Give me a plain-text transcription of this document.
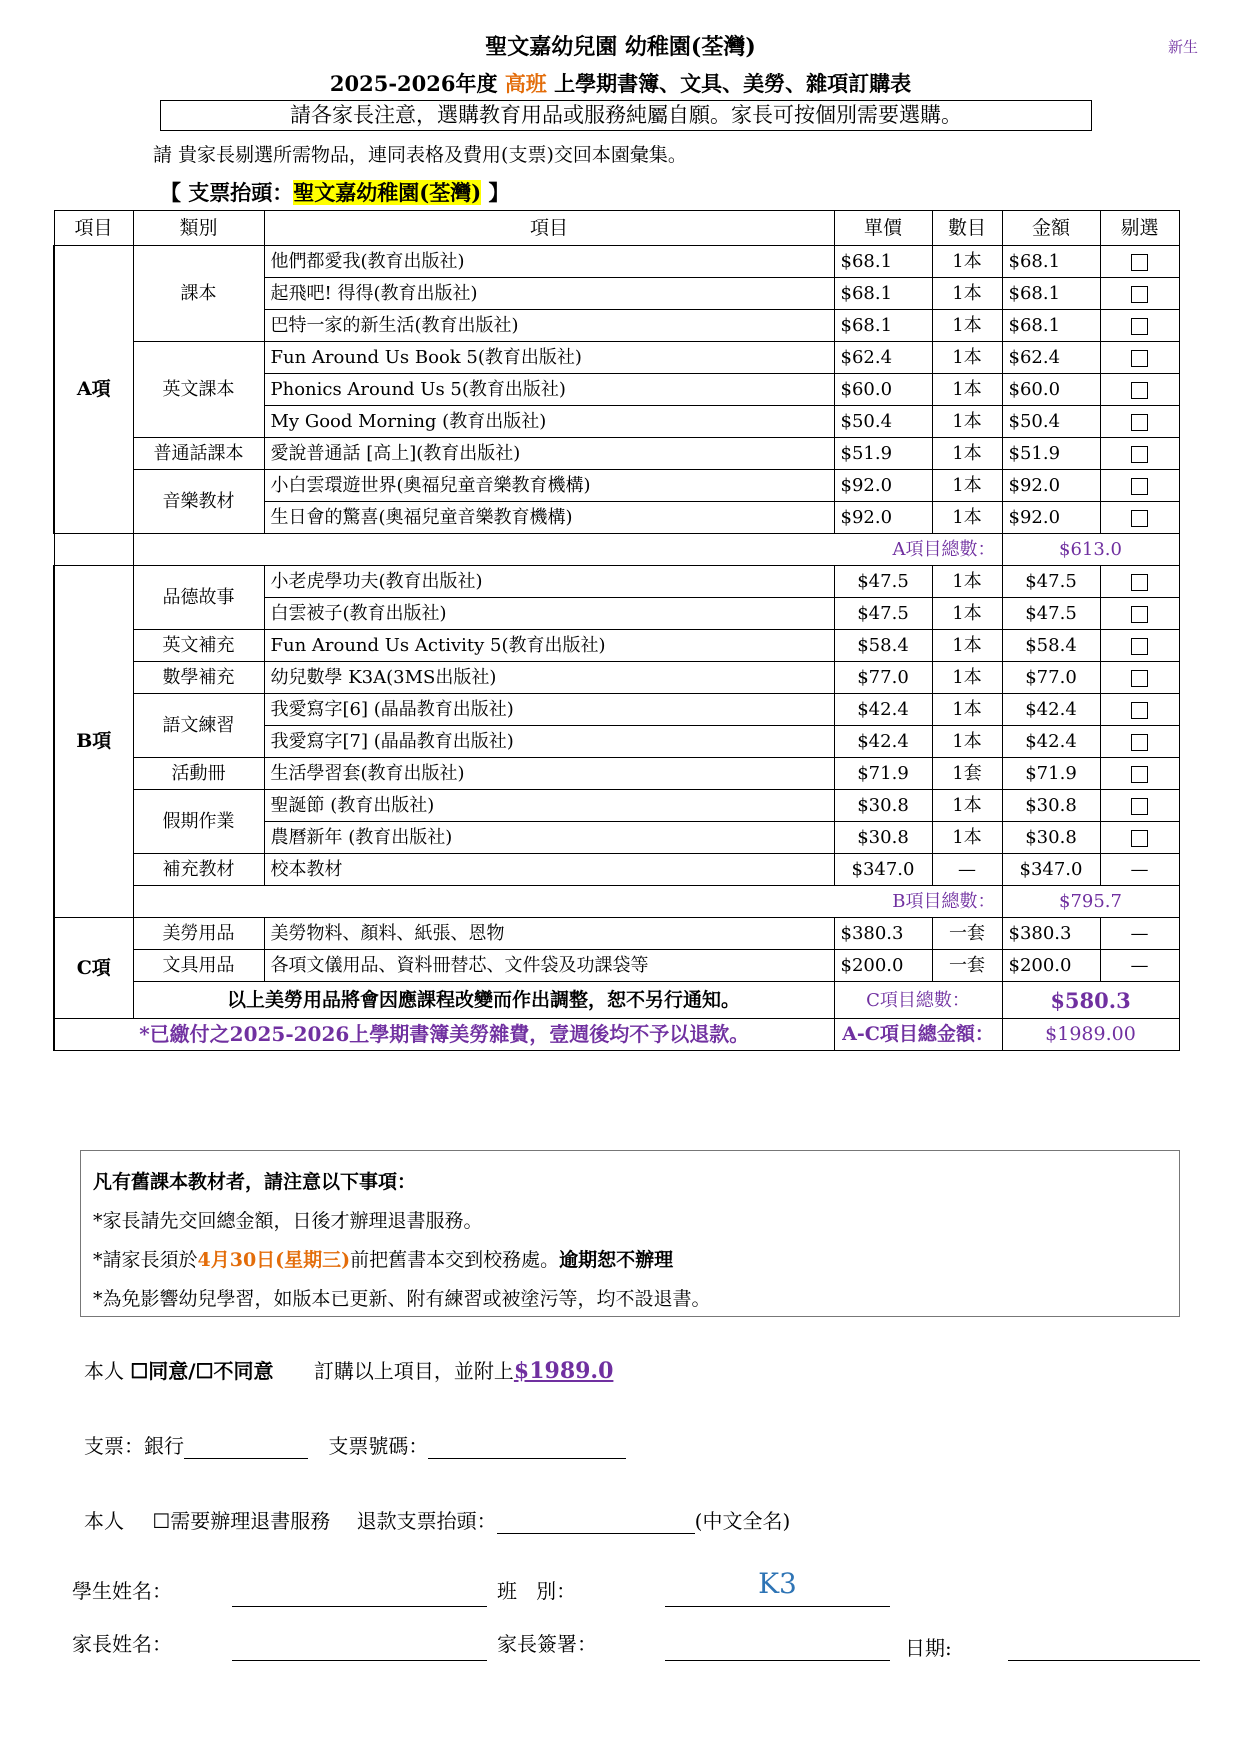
聖文嘉幼兒園 幼稚園(荃灣)	新生
2025-2026年度 高班 上學期書簿、文具、美勞、雜項訂購表
請各家長注意，選購教育用品或服務純屬自願。家長可按個別需要選購。
請 貴家長剔選所需物品，連同表格及費用(支票)交回本園彙集。
【 支票抬頭：聖文嘉幼稚園(荃灣) 】
項目	類別	項目	單價	數目	金額	剔選
A項	課本	他們都愛我(教育出版社)	$68.1	1本	$68.1	
		起飛吧! 得得(教育出版社)	$68.1	1本	$68.1	
		巴特一家的新生活(教育出版社)	$68.1	1本	$68.1	
	英文課本	Fun Around Us Book 5(教育出版社)	$62.4	1本	$62.4	
		Phonics Around Us 5(教育出版社)	$60.0	1本	$60.0	
		My Good Morning (教育出版社)	$50.4	1本	$50.4	
	普通話課本	愛說普通話 [高上](教育出版社)	$51.9	1本	$51.9	
	音樂教材	小白雲環遊世界(奧福兒童音樂教育機構)	$92.0	1本	$92.0	
		生日會的驚喜(奧福兒童音樂教育機構)	$92.0	1本	$92.0	
	A項目總數：				$613.0	
B項	品德故事	小老虎學功夫(教育出版社)	$47.5	1本	$47.5	
		白雲被子(教育出版社)	$47.5	1本	$47.5	
	英文補充	Fun Around Us Activity 5(教育出版社)	$58.4	1本	$58.4	
	數學補充	幼兒數學 K3A(3MS出版社)	$77.0	1本	$77.0	
	語文練習	我愛寫字[6] (晶晶教育出版社)	$42.4	1本	$42.4	
		我愛寫字[7] (晶晶教育出版社)	$42.4	1本	$42.4	
	活動冊	生活學習套(教育出版社)	$71.9	1套	$71.9	
	假期作業	聖誕節 (教育出版社)	$30.8	1本	$30.8	
		農曆新年 (教育出版社)	$30.8	1本	$30.8	
	補充教材	校本教材	$347.0	—	$347.0	—
	B項目總數：				$795.7	
C項	美勞用品	美勞物料、顏料、紙張、恩物	$380.3	一套	$380.3	—
	文具用品	各項文儀用品、資料冊替芯、文件袋及功課袋等	$200.0	一套	$200.0	—
	以上美勞用品將會因應課程改變而作出調整，恕不另行通知。		C項目總數：		$580.3	
*已繳付之2025-2026上學期書簿美勞雜費，壹週後均不予以退款。			A-C項目總金額：		$1989.00	
凡有舊課本教材者，請注意以下事項：
*家長請先交回總金額，日後才辦理退書服務。
*請家長須於4月30日(星期三)前把舊書本交到校務處。逾期恕不辦理
*為免影響幼兒學習，如版本已更新、附有練習或被塗污等，均不設退書。
本人 ☐同意/☐不同意 訂購以上項目，並附上$1989.0
支票：銀行	支票號碼：
本人 ☐需要辦理退書服務 退款支票抬頭：	(中文全名)
學生姓名：	班   別：	K3
家長姓名：	家長簽署：	日期:
